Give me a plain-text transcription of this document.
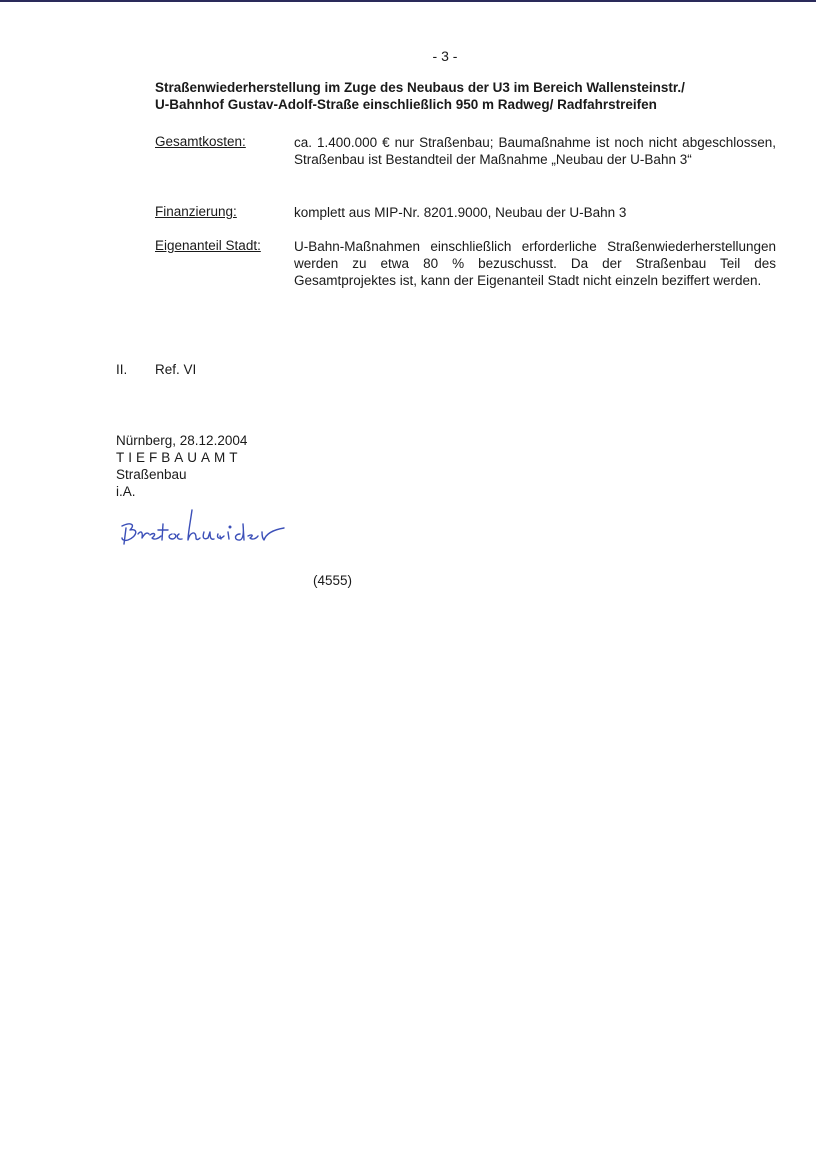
- 3 -
Straßenwiederherstellung im Zuge des Neubaus der U3 im Bereich Wallensteinstr./
U-Bahnhof Gustav-Adolf-Straße einschließlich 950 m Radweg/ Radfahrstreifen
Gesamtkosten:	ca. 1.400.000 € nur Straßenbau; Baumaßnahme ist noch nicht abgeschlossen, Straßenbau ist Bestandteil der Maßnahme „Neubau der U-Bahn 3“
Finanzierung:	komplett aus MIP-Nr. 8201.9000, Neubau der U-Bahn 3
Eigenanteil Stadt: U-Bahn-Maßnahmen einschließlich erforderliche Straßenwiederherstellungen werden zu etwa 80 % bezuschusst. Da der Straßenbau Teil des Gesamtprojektes ist, kann der Eigenanteil Stadt nicht einzeln beziffert werden.
II. Ref. VI
Nürnberg, 28.12.2004
TIEFBAUAMT
Straßenbau
i.A.
(4555)
